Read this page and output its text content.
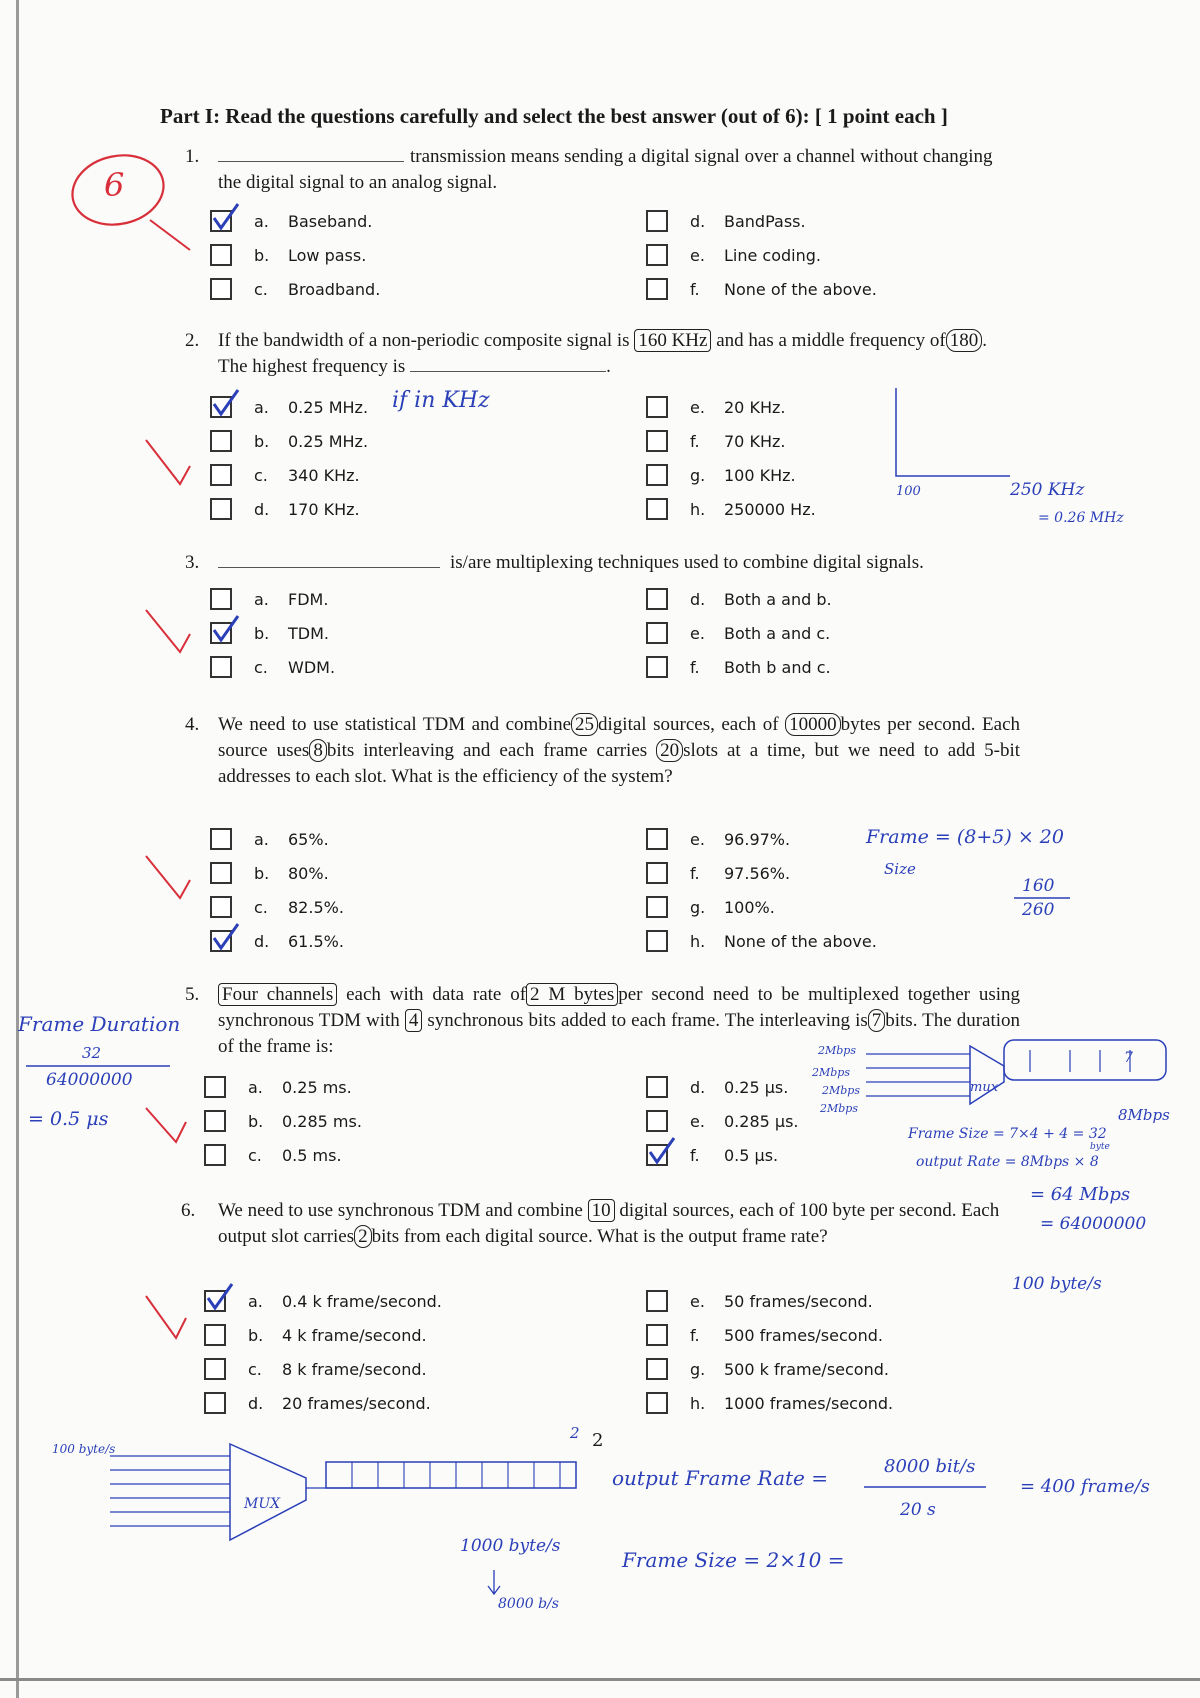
Part I: Read the questions carefully and select the best answer (out of 6): [ 1 point each ]
1.	transmission means sending a digital signal over a channel without changing the digital signal to an analog signal.
2. If the bandwidth of a non-periodic composite signal is 160 KHz and has a middle frequency of 180 . The highest frequency is	.
3.	is/are multiplexing techniques used to combine digital signals.
4. We need to use statistical TDM and combine 25 digital sources, each of 10000 bytes per second. Each source uses 8 bits interleaving and each frame carries 20 slots at a time, but we need to add 5-bit addresses to each slot. What is the efficiency of the system?
5. Four channels each with data rate of 2 M bytes per second need to be multiplexed together using synchronous TDM with 4 synchronous bits added to each frame. The interleaving is 7 bits. The duration of the frame is:
6. We need to use synchronous TDM and combine 10 digital sources, each of 100 byte per second. Each output slot carries 2 bits from each digital source. What is the output frame rate?
a. Baseband.
b. Low pass.
c. Broadband.
d. BandPass.
e. Line coding.
f. None of the above.
a. 0.25 MHz.
b. 0.25 MHz.
c. 340 KHz.
d. 170 KHz.
e. 20 KHz.
f. 70 KHz.
g. 100 KHz.
h. 250000 Hz.
a. FDM.
b. TDM.
c. WDM.
d. Both a and b.
e. Both a and c.
f. Both b and c.
a. 65%.
b. 80%.
c. 82.5%.
d. 61.5%.
e. 96.97%.
f. 97.56%.
g. 100%.
h. None of the above.
a. 0.25 ms.
b. 0.285 ms.
c. 0.5 ms.
d. 0.25 µs.
e. 0.285 µs.
f. 0.5 µs.
a. 0.4 k frame/second.
b. 4 k frame/second.
c. 8 k frame/second.
d. 20 frames/second.
e. 50 frames/second.
f. 500 frames/second.
g. 500 k frame/second.
h. 1000 frames/second.
6
if in KHz
100	250 KHz
= 0.26 MHz
Frame = (8+5) × 20
Size
160
260
Frame Duration
32
64000000
= 0.5 μs
2Mbps
2Mbps
2Mbps
2Mbps
mux
7
8Mbps
Frame Size = 7×4 + 4 = 32
output Rate = 8Mbps × 8
byte
= 64 Mbps
= 64000000
100 byte/s
100 byte/s
MUX
2 2
output Frame Rate =	8000 bit/s
20 s
= 400 frame/s
1000 byte/s
8000 b/s
Frame Size = 2×10 =
